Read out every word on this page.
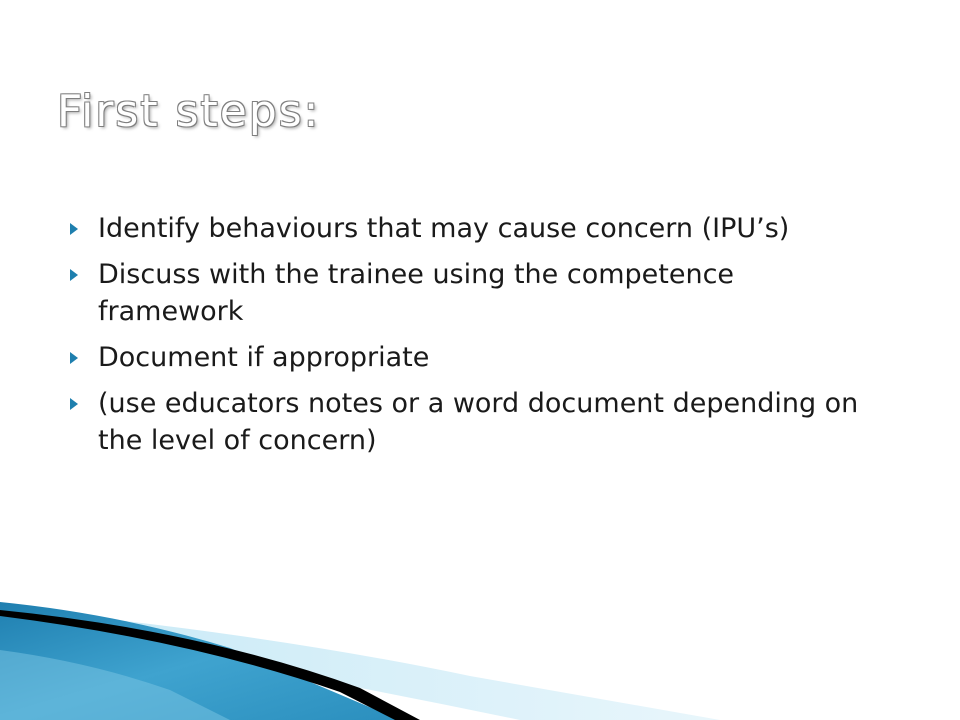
First steps:
Identify behaviours that may cause concern (IPU’s)
Discuss with the trainee using the competence framework
Document if appropriate
(use educators notes or a word document depending on the level of concern)
